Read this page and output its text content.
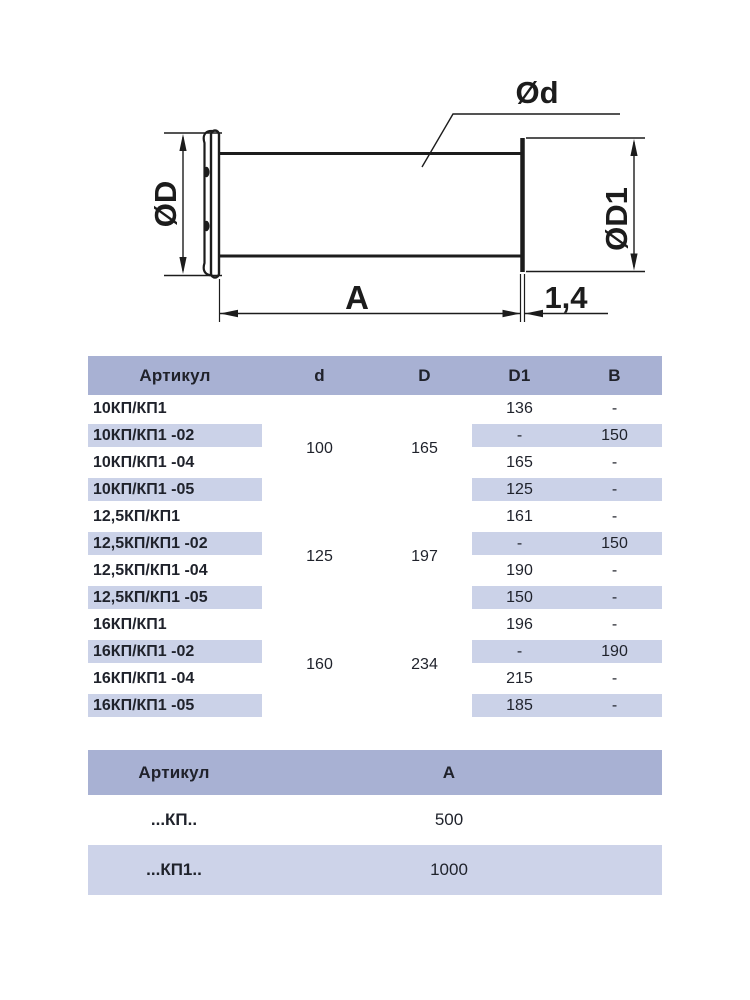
Ød
ØD	ØD1
A	1,4
Артикул	d	D	D1	B
10КП/КП1	100	165	136	-
10КП/КП1 -02			-	150
10КП/КП1 -04			165	-
10КП/КП1 -05			125	-
12,5КП/КП1	125	197	161	-
12,5КП/КП1 -02			-	150
12,5КП/КП1 -04			190	-
12,5КП/КП1 -05			150	-
16КП/КП1	160	234	196	-
16КП/КП1 -02			-	190
16КП/КП1 -04			215	-
16КП/КП1 -05			185	-
Артикул	А
...КП..	500
...КП1..	1000
